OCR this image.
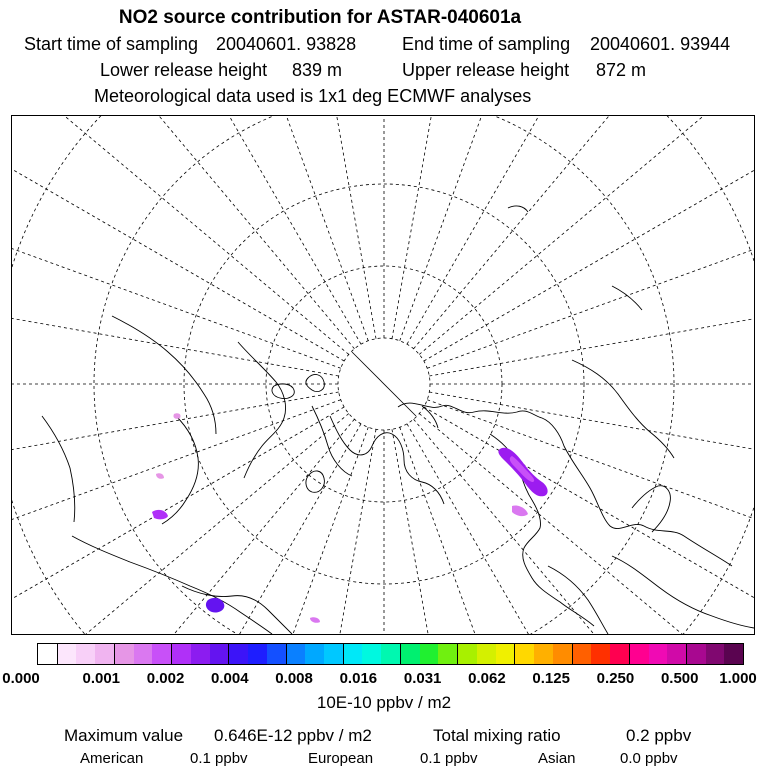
NO2 source contribution for ASTAR-040601a
Start time of sampling 20040601. 93828	End time of sampling 20040601. 93944
Lower release height 839 m	Upper release height 872 m
Meteorological data used is 1x1 deg ECMWF analyses
0.000	0.001 0.002 0.004 0.008 0.016 0.031 0.062 0.125 0.250 0.500 1.000
10E-10 ppbv / m2
Maximum value 0.646E-12 ppbv / m2	Total mixing ratio	0.2 ppbv
American	0.1 ppbv	European	0.1 ppbv	Asian	0.0 ppbv
